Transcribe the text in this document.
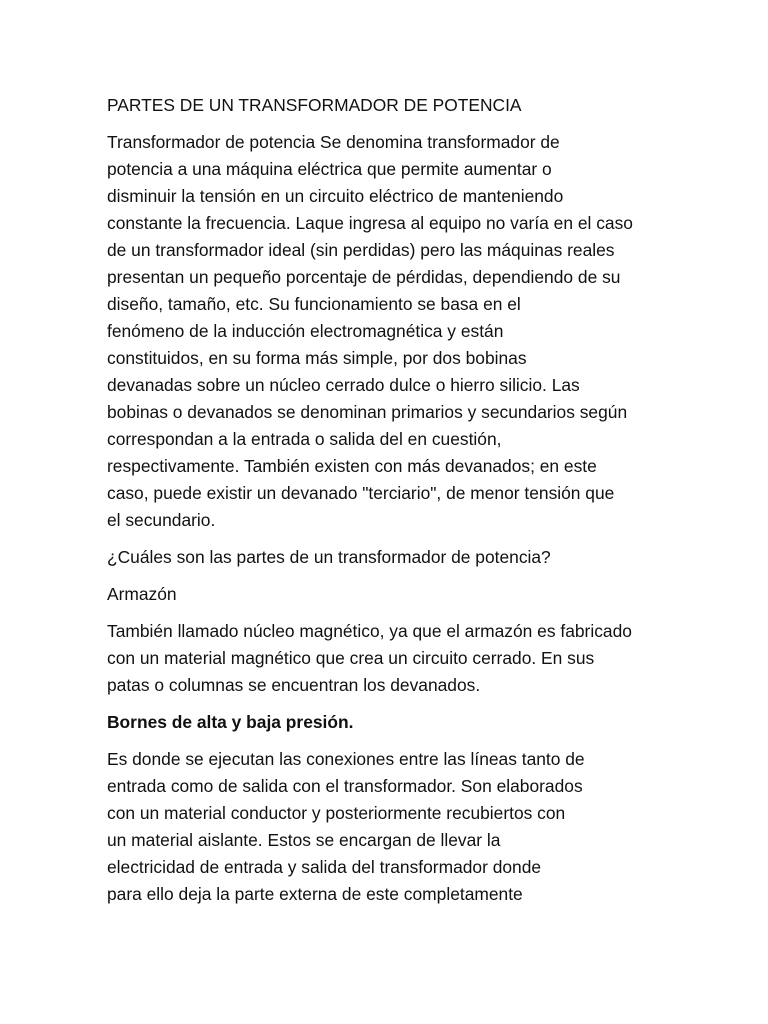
PARTES DE UN TRANSFORMADOR DE POTENCIA

Transformador de potencia Se denomina transformador de
potencia a una máquina eléctrica que permite aumentar o
disminuir la tensión en un circuito eléctrico de manteniendo
constante la frecuencia. Laque ingresa al equipo no varía en el caso
de un transformador ideal (sin perdidas) pero las máquinas reales
presentan un pequeño porcentaje de pérdidas, dependiendo de su
diseño, tamaño, etc. Su funcionamiento se basa en el
fenómeno de la inducción electromagnética y están
constituidos, en su forma más simple, por dos bobinas
devanadas sobre un núcleo cerrado dulce o hierro silicio. Las
bobinas o devanados se denominan primarios y secundarios según
correspondan a la entrada o salida del en cuestión,
respectivamente. También existen con más devanados; en este
caso, puede existir un devanado "terciario", de menor tensión que
el secundario.

¿Cuáles son las partes de un transformador de potencia?

Armazón

También llamado núcleo magnético, ya que el armazón es fabricado
con un material magnético que crea un circuito cerrado. En sus
patas o columnas se encuentran los devanados.

Bornes de alta y baja presión.

Es donde se ejecutan las conexiones entre las líneas tanto de
entrada como de salida con el transformador. Son elaborados
con un material conductor y posteriormente recubiertos con
un material aislante. Estos se encargan de llevar la
electricidad de entrada y salida del transformador donde
para ello deja la parte externa de este completamente
